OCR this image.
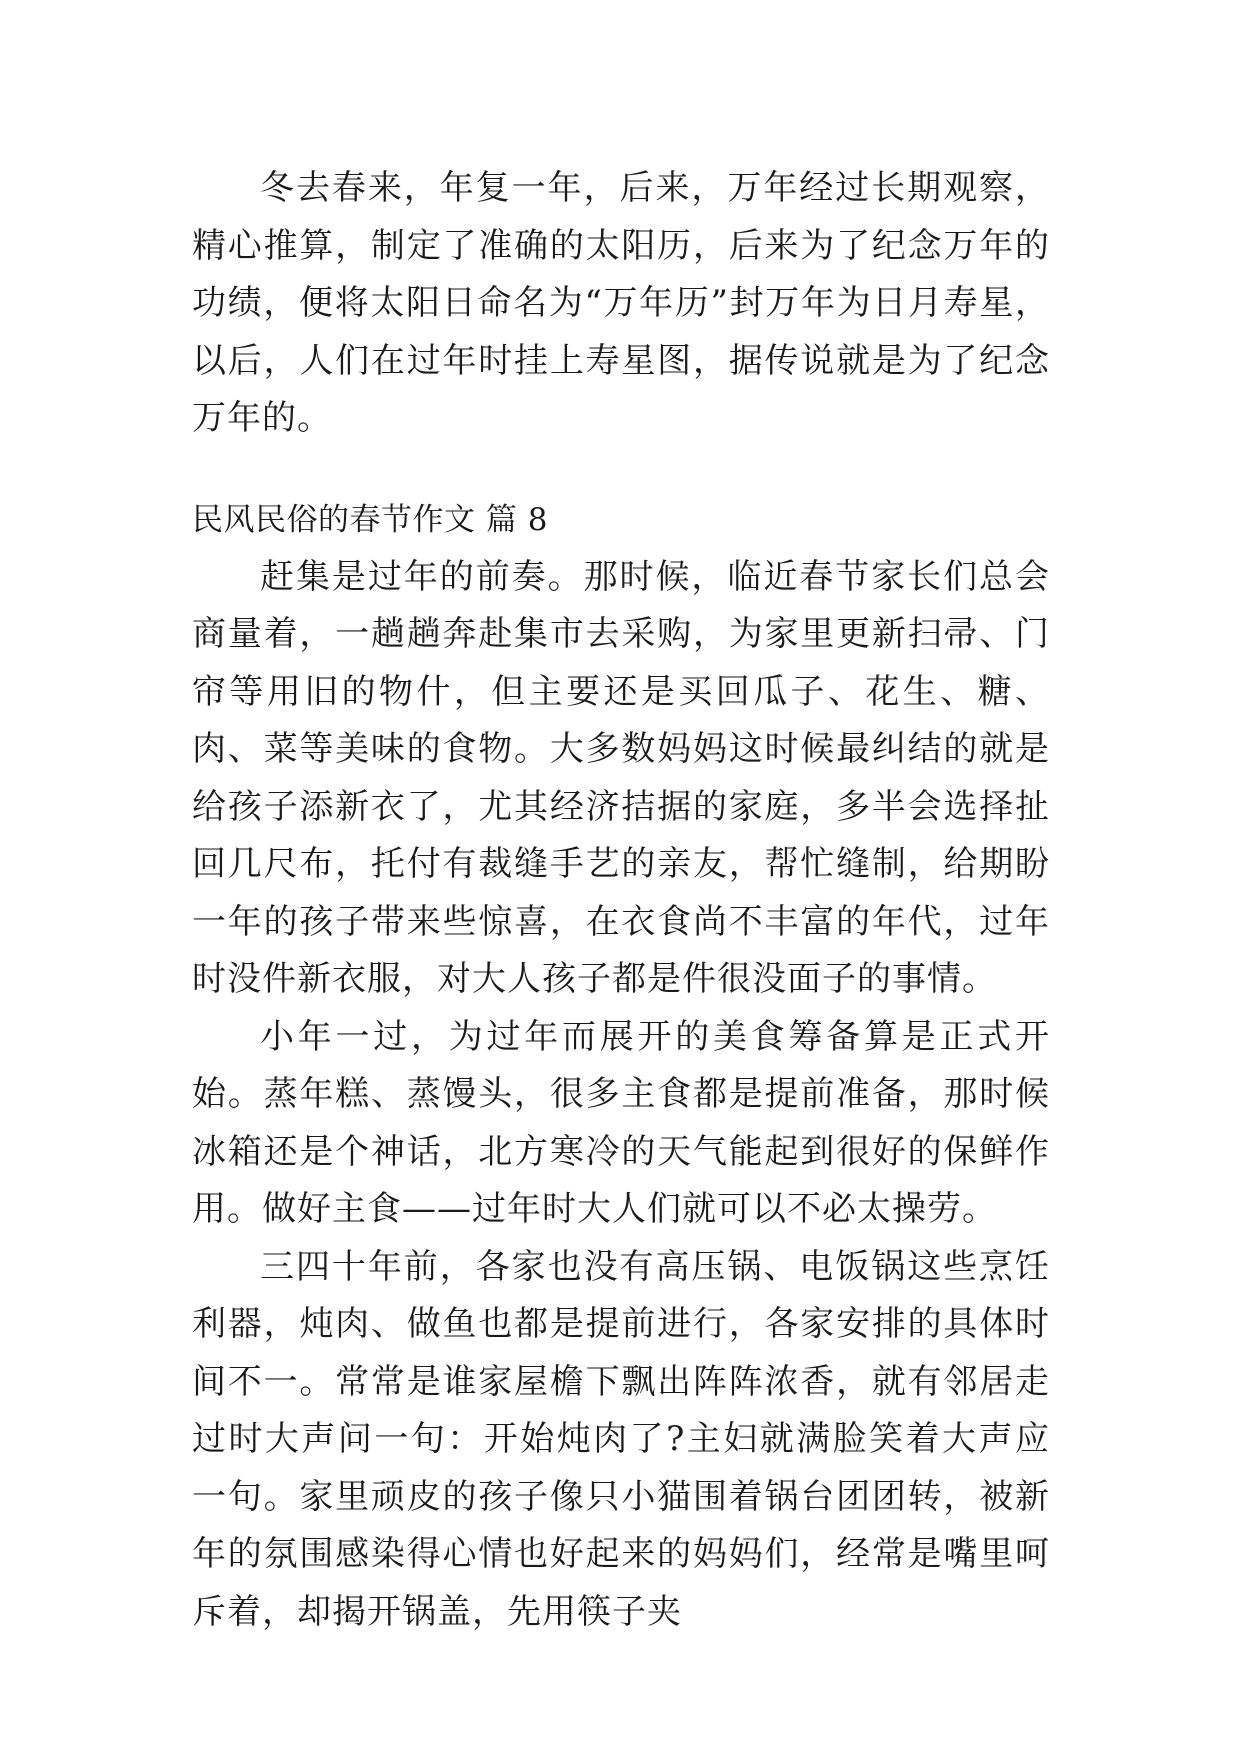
冬去春来，年复一年，后来，万年经过长期观察，精心推算，制定了准确的太阳历，后来为了纪念万年的功绩，便将太阳日命名为“万年历”封万年为日月寿星，以后，人们在过年时挂上寿星图，据传说就是为了纪念万年的。

民风民俗的春节作文 篇 8

赶集是过年的前奏。那时候，临近春节家长们总会商量着，一趟趟奔赴集市去采购，为家里更新扫帚、门帘等用旧的物什，但主要还是买回瓜子、花生、糖、肉、菜等美味的食物。大多数妈妈这时候最纠结的就是给孩子添新衣了，尤其经济拮据的家庭，多半会选择扯回几尺布，托付有裁缝手艺的亲友，帮忙缝制，给期盼一年的孩子带来些惊喜，在衣食尚不丰富的年代，过年时没件新衣服，对大人孩子都是件很没面子的事情。

小年一过，为过年而展开的美食筹备算是正式开始。蒸年糕、蒸馒头，很多主食都是提前准备，那时候冰箱还是个神话，北方寒冷的天气能起到很好的保鲜作用。做好主食——过年时大人们就可以不必太操劳。

三四十年前，各家也没有高压锅、电饭锅这些烹饪利器，炖肉、做鱼也都是提前进行，各家安排的具体时间不一。常常是谁家屋檐下飘出阵阵浓香，就有邻居走过时大声问一句：开始炖肉了?主妇就满脸笑着大声应一句。家里顽皮的孩子像只小猫围着锅台团团转，被新年的氛围感染得心情也好起来的妈妈们，经常是嘴里呵斥着，却揭开锅盖，先用筷子夹
